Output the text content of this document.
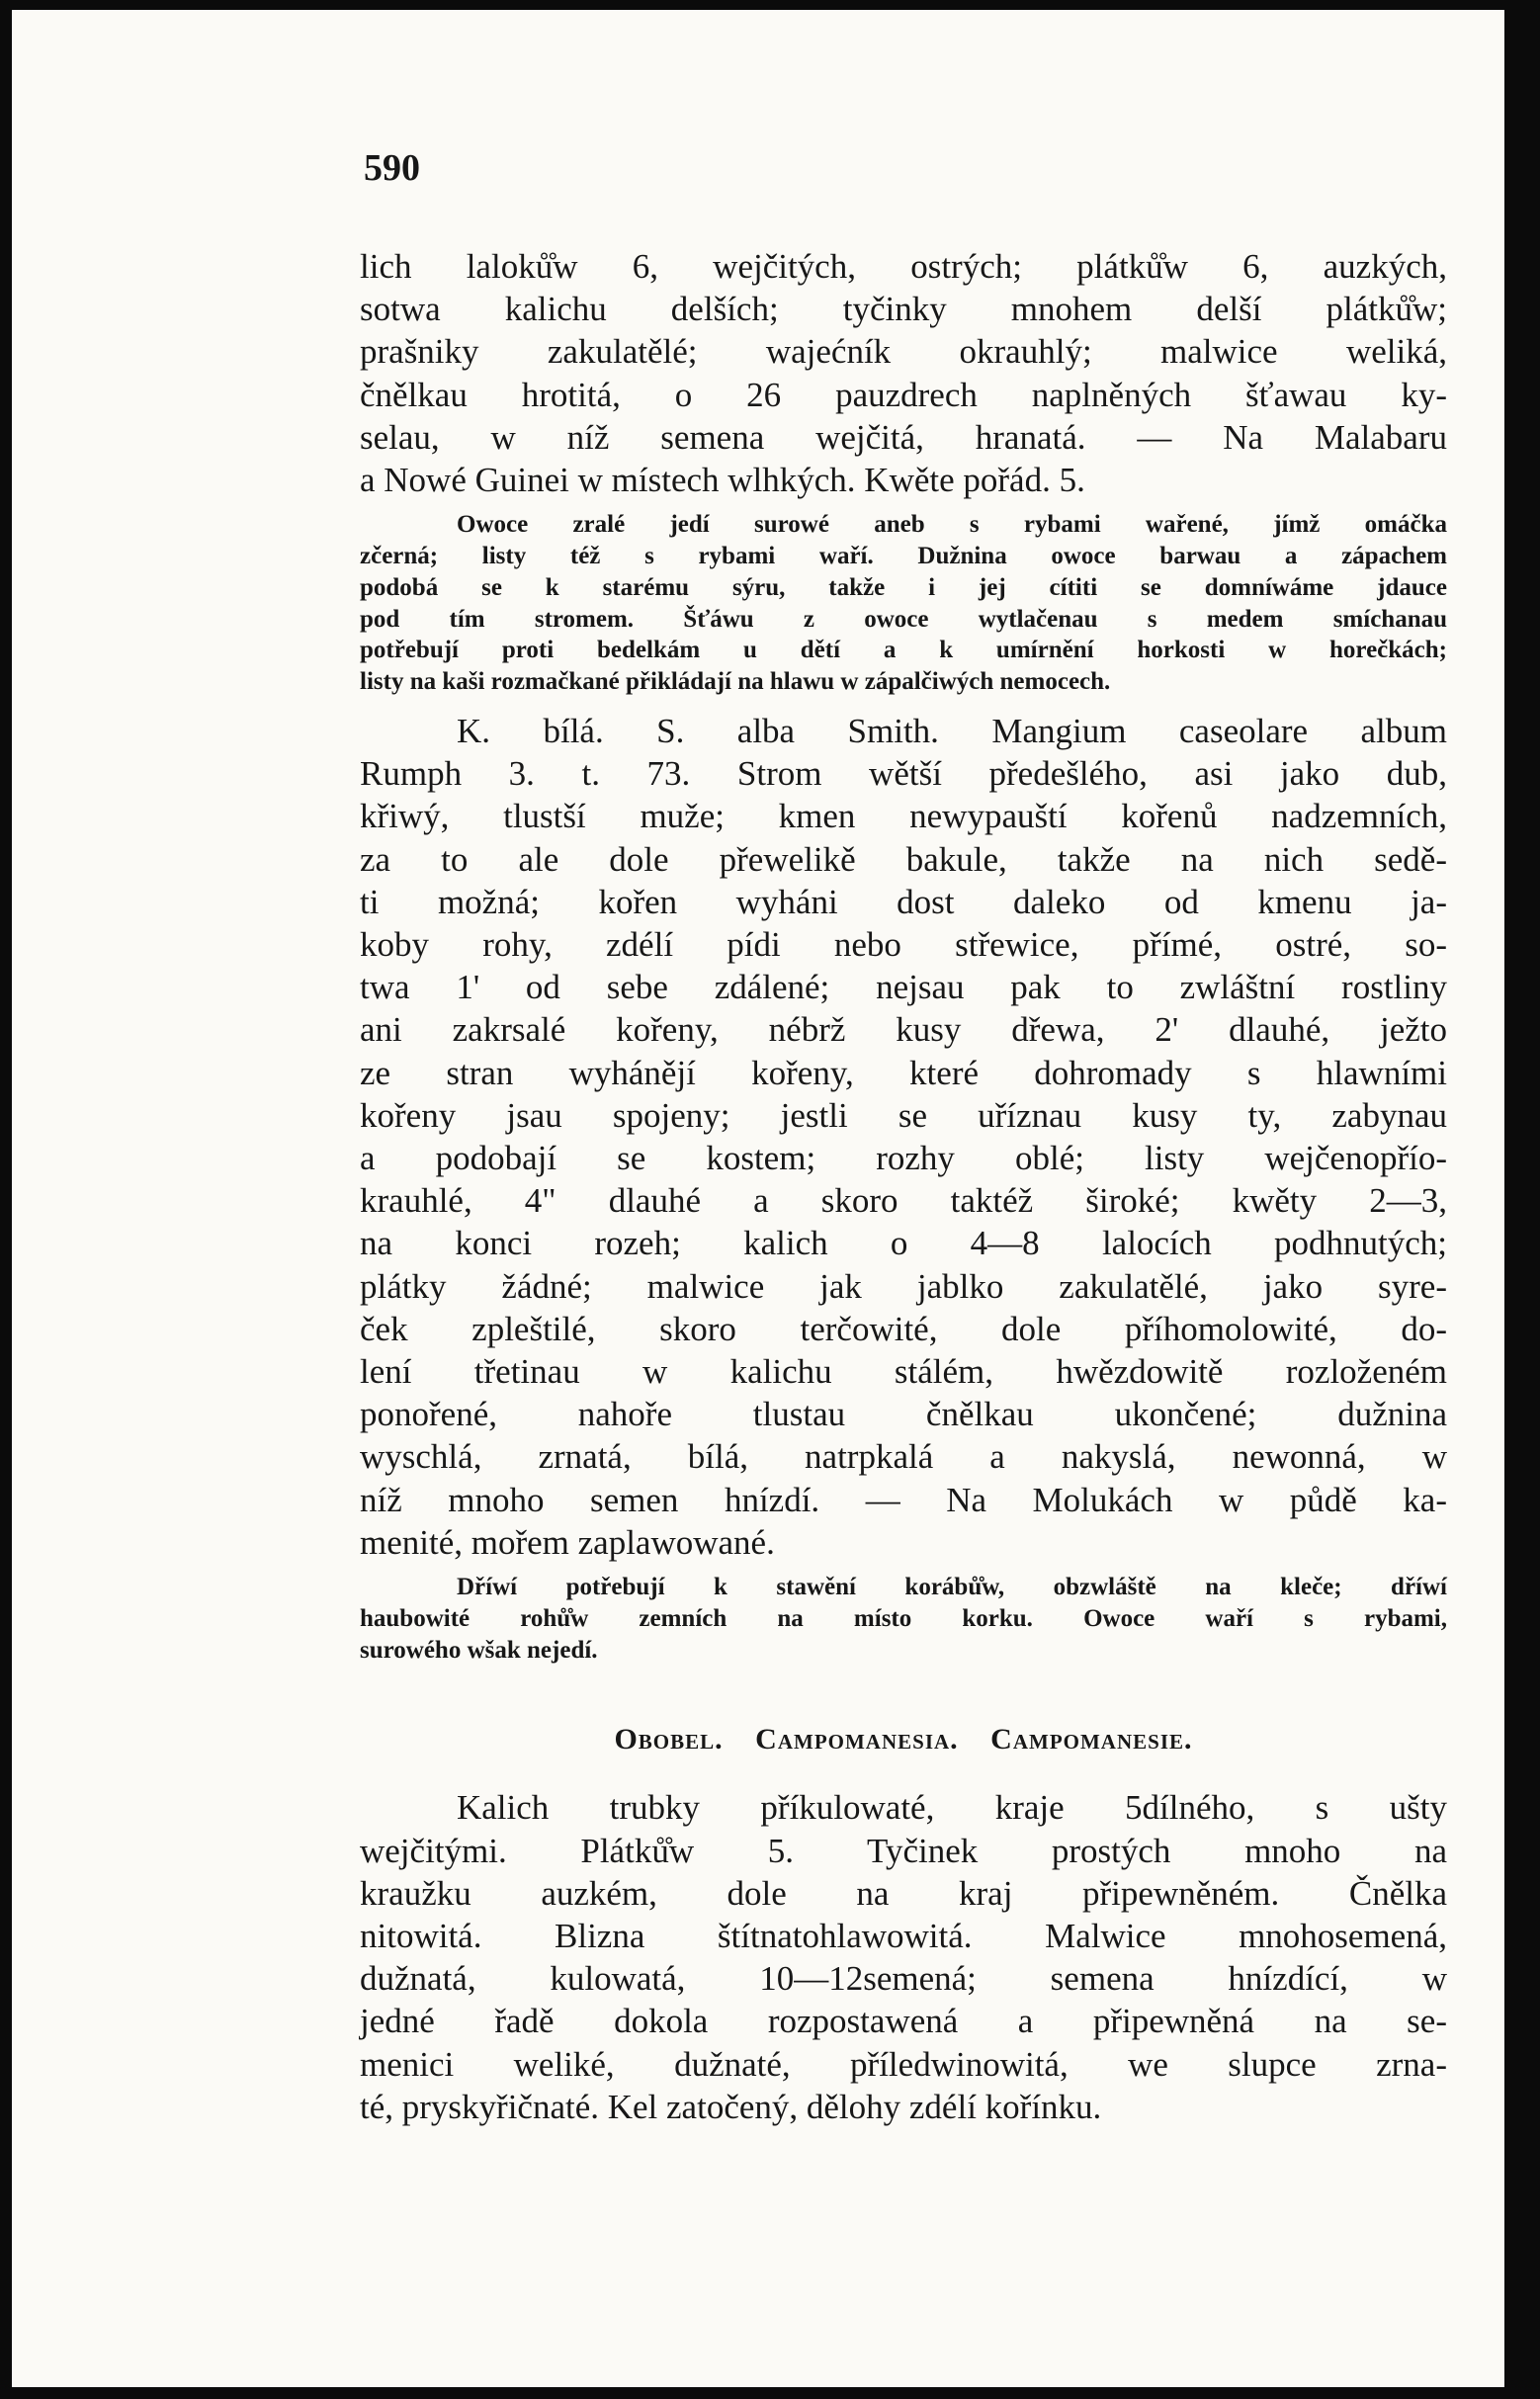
590
lich laloků̊w 6, wejčitých, ostrých; plátků̊w 6, auzkých,
sotwa kalichu delších; tyčinky mnohem delší plátků̊w;
prašniky zakulatělé; wajećník okrauhlý; malwice weliká,
čnělkau hrotitá, o 26 pauzdrech naplněných šťawau ky-
selau, w níž semena wejčitá, hranatá. — Na Malabaru
a Nowé Guinei w místech wlhkých. Kwěte pořád. 5.
Owoce zralé jedí surowé aneb s rybami wařené, jímž omáčka
zčerná; listy též s rybami waří. Dužnina owoce barwau a zápachem
podobá se k starému sýru, takže i jej cítiti se domníwáme jdauce
pod tím stromem. Šťáwu z owoce wytlačenau s medem smíchanau
potřebují proti bedelkám u dětí a k umírnění horkosti w horečkách;
listy na kaši rozmačkané přikládají na hlawu w zápalčiwých nemocech.
K. bílá. S. alba Smith. Mangium caseolare album
Rumph 3. t. 73. Strom wětší předešlého, asi jako dub,
křiwý, tlustší muže; kmen newypauští kořenů nadzemních,
za to ale dole přewelikě bakule, takže na nich sedě-
ti možná; kořen wyháni dost daleko od kmenu ja-
koby rohy, zdélí pídi nebo střewice, přímé, ostré, so-
twa 1' od sebe zdálené; nejsau pak to zwláštní rostliny
ani zakrsalé kořeny, nébrž kusy dřewa, 2' dlauhé, ježto
ze stran wyhánějí kořeny, které dohromady s hlawními
kořeny jsau spojeny; jestli se uříznau kusy ty, zabynau
a podobají se kostem; rozhy oblé; listy wejčenopřío-
krauhlé, 4" dlauhé a skoro taktéž široké; kwěty 2—3,
na konci rozeh; kalich o 4—8 lalocích podhnutých;
plátky žádné; malwice jak jablko zakulatělé, jako syre-
ček zpleštilé, skoro terčowité, dole příhomolowité, do-
lení třetinau w kalichu stálém, hwězdowitě rozloženém
ponořené, nahoře tlustau čnělkau ukončené; dužnina
wyschlá, zrnatá, bílá, natrpkalá a nakyslá, newonná, w
níž mnoho semen hnízdí. — Na Molukách w půdě ka-
menité, mořem zaplawowané.
Dříwí potřebují k stawění korábů̊w, obzwláště na kleče; dříwí
haubowité rohů̊w zemních na místo korku. Owoce waří s rybami,
surowého wšak nejedí.
Obobel. Campomanesia. Campomanesie.
Kalich trubky příkulowaté, kraje 5dílného, s ušty
wejčitými. Plátků̊w 5. Tyčinek prostých mnoho na
kraužku auzkém, dole na kraj připewněném. Čnělka
nitowitá. Blizna štítnatohlawowitá. Malwice mnohosemená,
dužnatá, kulowatá, 10—12semená; semena hnízdící, w
jedné řadě dokola rozpostawená a připewněná na se-
menici weliké, dužnaté, příledwinowitá, we slupce zrna-
té, pryskyřičnaté. Kel zatočený, dělohy zdélí kořínku.
